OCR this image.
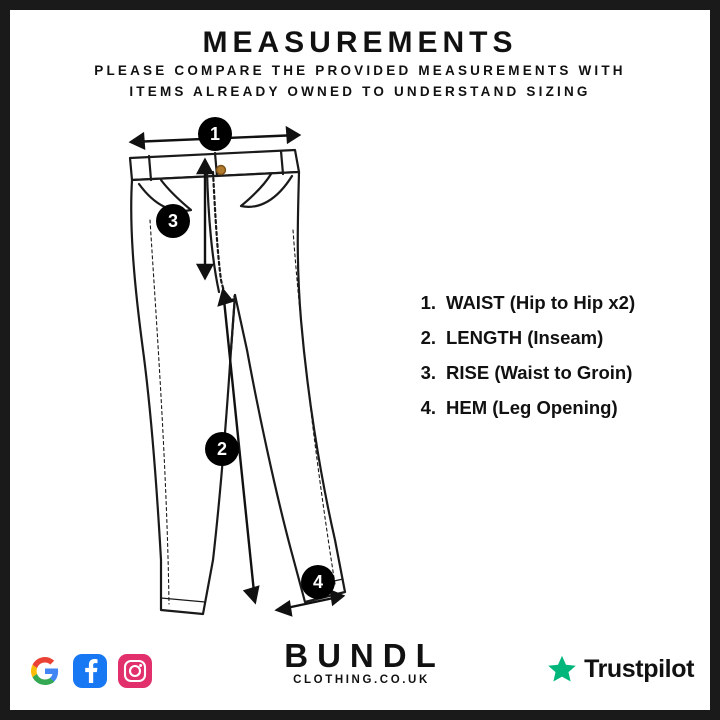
MEASUREMENTS
PLEASE COMPARE THE PROVIDED MEASUREMENTS WITH
ITEMS ALREADY OWNED TO UNDERSTAND SIZING
1
2
3
4
1. WAIST (Hip to Hip x2)
2. LENGTH (Inseam)
3. RISE (Waist to Groin)
4. HEM (Leg Opening)
BUNDL
CLOTHING.CO.UK	Trustpilot
